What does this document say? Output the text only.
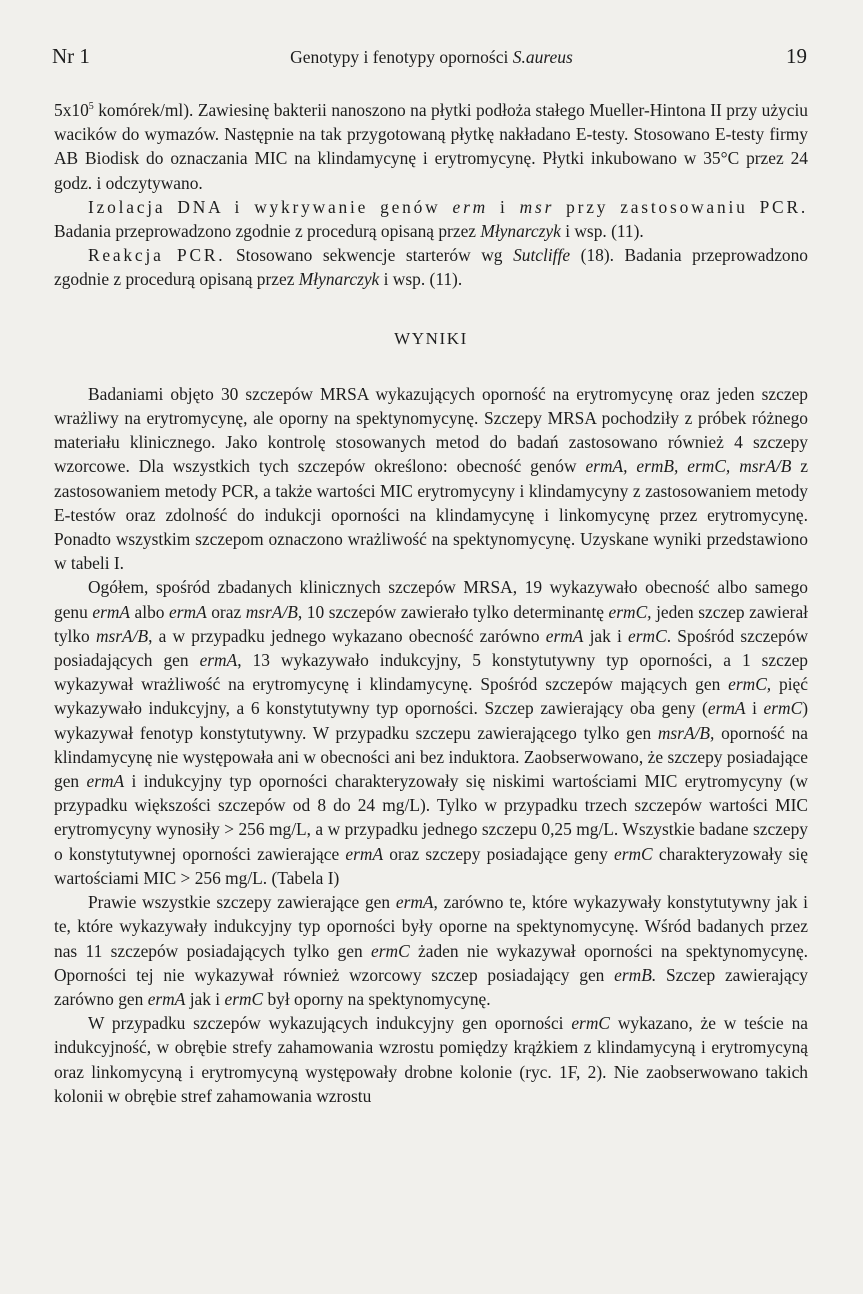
Nr 1	Genotypy i fenotypy oporności S.aureus	19

$5x10^5$ komórek/ml). Zawiesinę bakterii nanoszono na płytki podłoża stałego Mueller-Hintona II przy użyciu wacików do wymazów. Następnie na tak przygotowaną płytkę nakładano E-testy. Stosowano E-testy firmy AB Biodisk do oznaczania MIC na klindamycynę i erytromycynę. Płytki inkubowano w 35°C przez 24 godz. i odczytywano.

Izolacja DNA i wykrywanie genów erm i msr przy zastosowaniu PCR. Badania przeprowadzono zgodnie z procedurą opisaną przez Młynarczyk i wsp. (11).

Reakcja PCR. Stosowano sekwencje starterów wg Sutcliffe (18). Badania przeprowadzono zgodnie z procedurą opisaną przez Młynarczyk i wsp. (11).

WYNIKI

Badaniami objęto 30 szczepów MRSA wykazujących oporność na erytromycynę oraz jeden szczep wrażliwy na erytromycynę, ale oporny na spektynomycynę. Szczepy MRSA pochodziły z próbek różnego materiału klinicznego. Jako kontrolę stosowanych metod do badań zastosowano również 4 szczepy wzorcowe. Dla wszystkich tych szczepów określono: obecność genów ermA, ermB, ermC, msrA/B z zastosowaniem metody PCR, a także wartości MIC erytromycyny i klindamycyny z zastosowaniem metody E-testów oraz zdolność do indukcji oporności na klindamycynę i linkomycynę przez erytromycynę. Ponadto wszystkim szczepom oznaczono wrażliwość na spektynomycynę. Uzyskane wyniki przedstawiono w tabeli I.

Ogółem, spośród zbadanych klinicznych szczepów MRSA, 19 wykazywało obecność albo samego genu ermA albo ermA oraz msrA/B, 10 szczepów zawierało tylko determinantę ermC, jeden szczep zawierał tylko msrA/B, a w przypadku jednego wykazano obecność zarówno ermA jak i ermC. Spośród szczepów posiadających gen ermA, 13 wykazywało indukcyjny, 5 konstytutywny typ oporności, a 1 szczep wykazywał wrażliwość na erytromycynę i klindamycynę. Spośród szczepów mających gen ermC, pięć wykazywało indukcyjny, a 6 konstytutywny typ oporności. Szczep zawierający oba geny (ermA i ermC) wykazywał fenotyp konstytutywny. W przypadku szczepu zawierającego tylko gen msrA/B, oporność na klindamycynę nie występowała ani w obecności ani bez induktora. Zaobserwowano, że szczepy posiadające gen ermA i indukcyjny typ oporności charakteryzowały się niskimi wartościami MIC erytromycyny (w przypadku większości szczepów od 8 do 24 mg/L). Tylko w przypadku trzech szczepów wartości MIC erytromycyny wynosiły > 256 mg/L, a w przypadku jednego szczepu 0,25 mg/L. Wszystkie badane szczepy o konstytutywnej oporności zawierające ermA oraz szczepy posiadające geny ermC charakteryzowały się wartościami MIC > 256 mg/L. (Tabela I)

Prawie wszystkie szczepy zawierające gen ermA, zarówno te, które wykazywały konstytutywny jak i te, które wykazywały indukcyjny typ oporności były oporne na spektynomycynę. Wśród badanych przez nas 11 szczepów posiadających tylko gen ermC żaden nie wykazywał oporności na spektynomycynę. Oporności tej nie wykazywał również wzorcowy szczep posiadający gen ermB. Szczep zawierający zarówno gen ermA jak i ermC był oporny na spektynomycynę.

W przypadku szczepów wykazujących indukcyjny gen oporności ermC wykazano, że w teście na indukcyjność, w obrębie strefy zahamowania wzrostu pomiędzy krążkiem z klindamycyną i erytromycyną oraz linkomycyną i erytromycyną występowały drobne kolonie (ryc. 1F, 2). Nie zaobserwowano takich kolonii w obrębie stref zahamowania wzrostu
